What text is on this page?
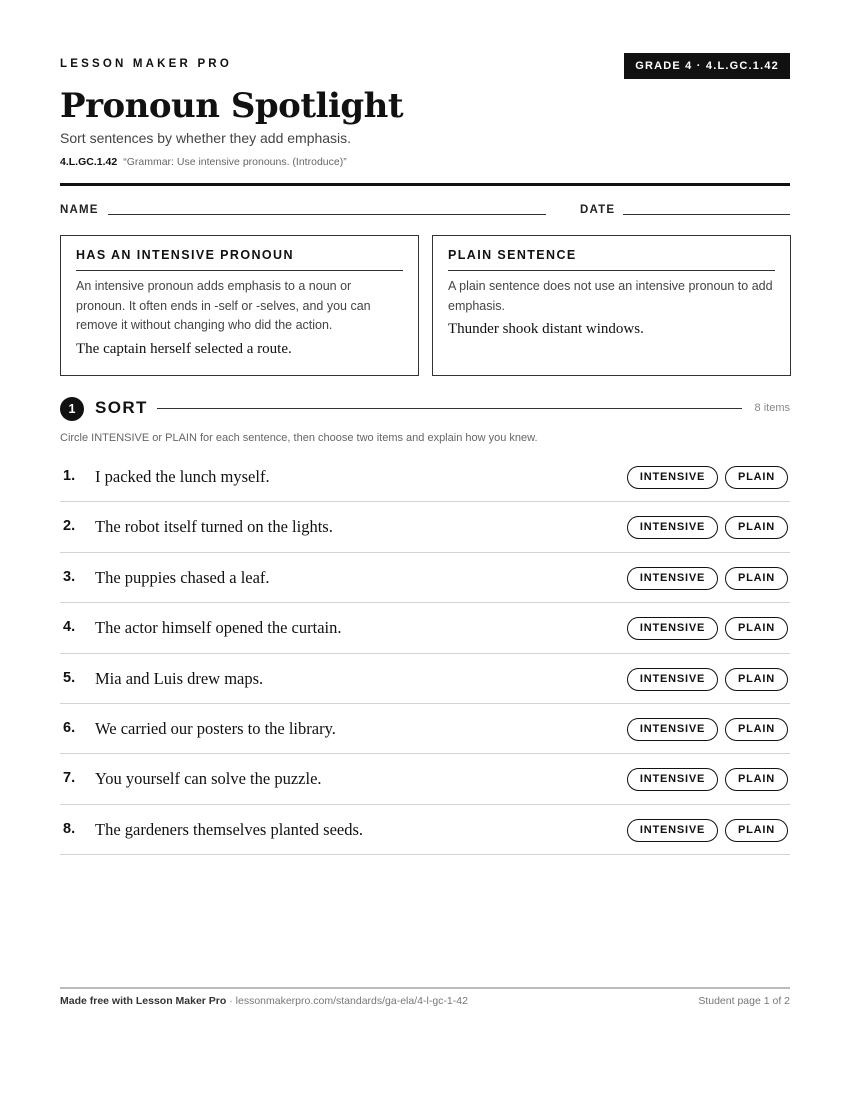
LESSON MAKER PRO	GRADE 4 · 4.L.GC.1.42
Pronoun Spotlight
Sort sentences by whether they add emphasis.
4.L.GC.1.42 “Grammar: Use intensive pronouns. (Introduce)”
NAME	DATE
HAS AN INTENSIVE PRONOUN
An intensive pronoun adds emphasis to a noun or pronoun. It often ends in -self or -selves, and you can remove it without changing who did the action.
The captain herself selected a route.
PLAIN SENTENCE
A plain sentence does not use an intensive pronoun to add emphasis.
Thunder shook distant windows.
1	SORT	8 items
Circle INTENSIVE or PLAIN for each sentence, then choose two items and explain how you knew.
1. I packed the lunch myself.	INTENSIVE	PLAIN
2. The robot itself turned on the lights.	INTENSIVE	PLAIN
3. The puppies chased a leaf.	INTENSIVE	PLAIN
4. The actor himself opened the curtain.	INTENSIVE	PLAIN
5. Mia and Luis drew maps.	INTENSIVE	PLAIN
6. We carried our posters to the library.	INTENSIVE	PLAIN
7. You yourself can solve the puzzle.	INTENSIVE	PLAIN
8. The gardeners themselves planted seeds.	INTENSIVE	PLAIN
Made free with Lesson Maker Pro · lessonmakerpro.com/standards/ga-ela/4-l-gc-1-42	Student page 1 of 2
